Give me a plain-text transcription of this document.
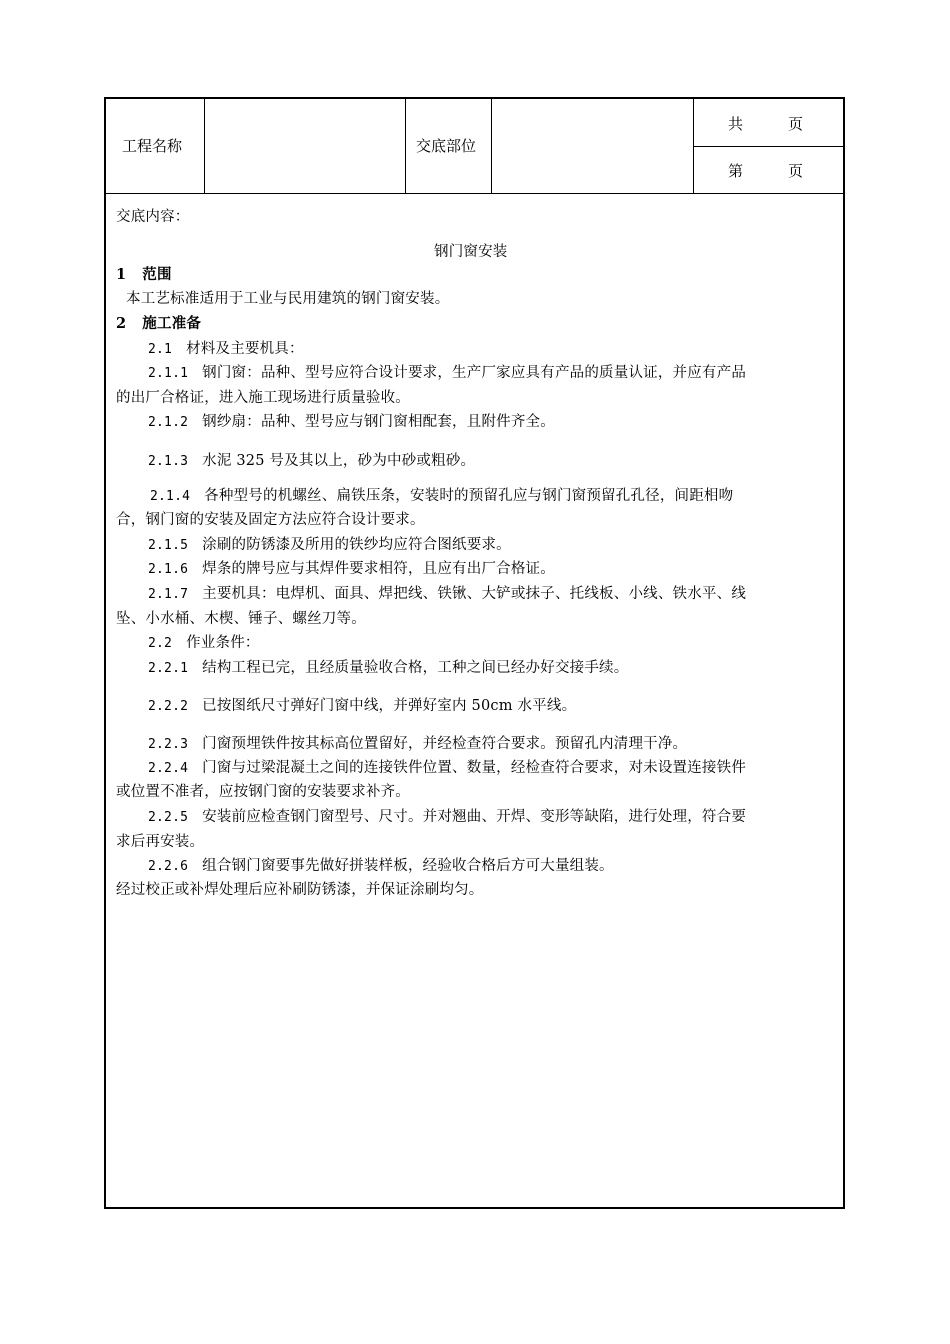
工程名称	交底部位
共　　　页
第　　　页
交底内容：
钢门窗安装
1 范围
本工艺标准适用于工业与民用建筑的钢门窗安装。
2 施工准备
2.1 材料及主要机具：
2.1.1 钢门窗：品种、型号应符合设计要求，生产厂家应具有产品的质量认证，并应有产品
的出厂合格证，进入施工现场进行质量验收。
2.1.2 钢纱扇：品种、型号应与钢门窗相配套，且附件齐全。
2.1.3 水泥 325 号及其以上，砂为中砂或粗砂。
2.1.4 各种型号的机螺丝、扁铁压条，安装时的预留孔应与钢门窗预留孔孔径，间距相吻
合，钢门窗的安装及固定方法应符合设计要求。
2.1.5 涂刷的防锈漆及所用的铁纱均应符合图纸要求。
2.1.6 焊条的牌号应与其焊件要求相符，且应有出厂合格证。
2.1.7 主要机具：电焊机、面具、焊把线、铁锹、大铲或抹子、托线板、小线、铁水平、线
坠、小水桶、木楔、锤子、螺丝刀等。
2.2 作业条件：
2.2.1 结构工程已完，且经质量验收合格，工种之间已经办好交接手续。
2.2.2 已按图纸尺寸弹好门窗中线，并弹好室内 50cm 水平线。
2.2.3 门窗预埋铁件按其标高位置留好，并经检查符合要求。预留孔内清理干净。
2.2.4 门窗与过梁混凝土之间的连接铁件位置、数量，经检查符合要求，对未设置连接铁件
或位置不准者，应按钢门窗的安装要求补齐。
2.2.5 安装前应检查钢门窗型号、尺寸。并对翘曲、开焊、变形等缺陷，进行处理，符合要
求后再安装。
2.2.6 组合钢门窗要事先做好拼装样板，经验收合格后方可大量组装。
经过校正或补焊处理后应补刷防锈漆，并保证涂刷均匀。
